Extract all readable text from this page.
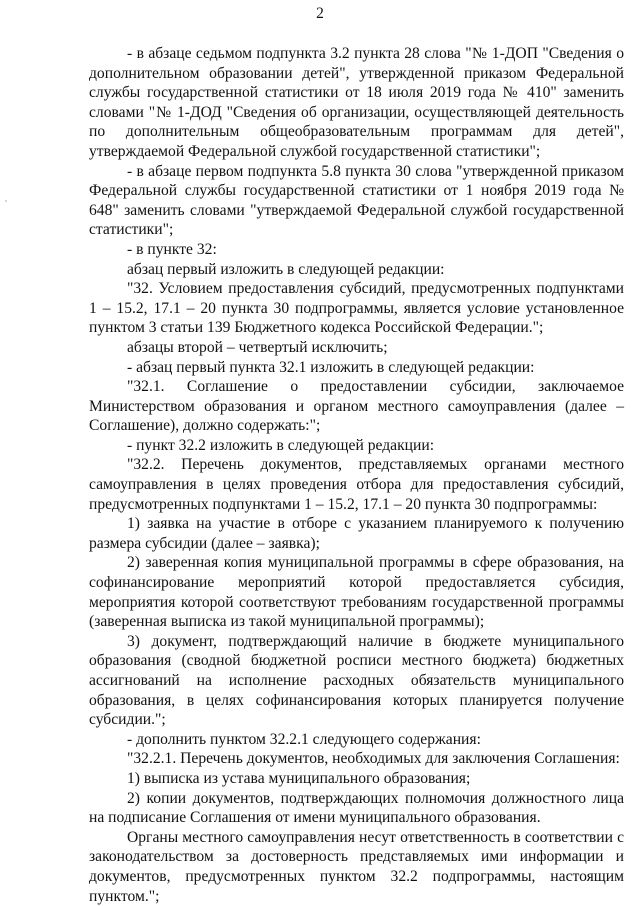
2

- в абзаце седьмом подпункта 3.2 пункта 28 слова "№ 1-ДОП "Сведения о дополнительном образовании детей", утвержденной приказом Федеральной службы государственной статистики от 18 июля 2019 года № 410" заменить словами "№ 1-ДОД "Сведения об организации, осуществляющей деятельность по дополнительным общеобразовательным программам для детей", утверждаемой Федеральной службой государственной статистики";

- в абзаце первом подпункта 5.8 пункта 30 слова "утвержденной приказом Федеральной службы государственной статистики от 1 ноября 2019 года № 648" заменить словами "утверждаемой Федеральной службой государственной статистики";

- в пункте 32:

абзац первый изложить в следующей редакции:

"32. Условием предоставления субсидий, предусмотренных подпунктами 1 – 15.2, 17.1 – 20 пункта 30 подпрограммы, является условие установленное пунктом 3 статьи 139 Бюджетного кодекса Российской Федерации.";

абзацы второй – четвертый исключить;

- абзац первый пункта 32.1 изложить в следующей редакции:

"32.1. Соглашение о предоставлении субсидии, заключаемое Министерством образования и органом местного самоуправления (далее – Соглашение), должно содержать:";

- пункт 32.2 изложить в следующей редакции:

"32.2. Перечень документов, представляемых органами местного самоуправления в целях проведения отбора для предоставления субсидий, предусмотренных подпунктами 1 – 15.2, 17.1 – 20 пункта 30 подпрограммы:

1) заявка на участие в отборе с указанием планируемого к получению размера субсидии (далее – заявка);

2) заверенная копия муниципальной программы в сфере образования, на софинансирование мероприятий которой предоставляется субсидия, мероприятия которой соответствуют требованиям государственной программы (заверенная выписка из такой муниципальной программы);

3) документ, подтверждающий наличие в бюджете муниципального образования (сводной бюджетной росписи местного бюджета) бюджетных ассигнований на исполнение расходных обязательств муниципального образования, в целях софинансирования которых планируется получение субсидии.";

- дополнить пунктом 32.2.1 следующего содержания:

"32.2.1. Перечень документов, необходимых для заключения Соглашения:

1) выписка из устава муниципального образования;

2) копии документов, подтверждающих полномочия должностного лица на подписание Соглашения от имени муниципального образования.

Органы местного самоуправления несут ответственность в соответствии с законодательством за достоверность представляемых ими информации и документов, предусмотренных пунктом 32.2 подпрограммы, настоящим пунктом.";
